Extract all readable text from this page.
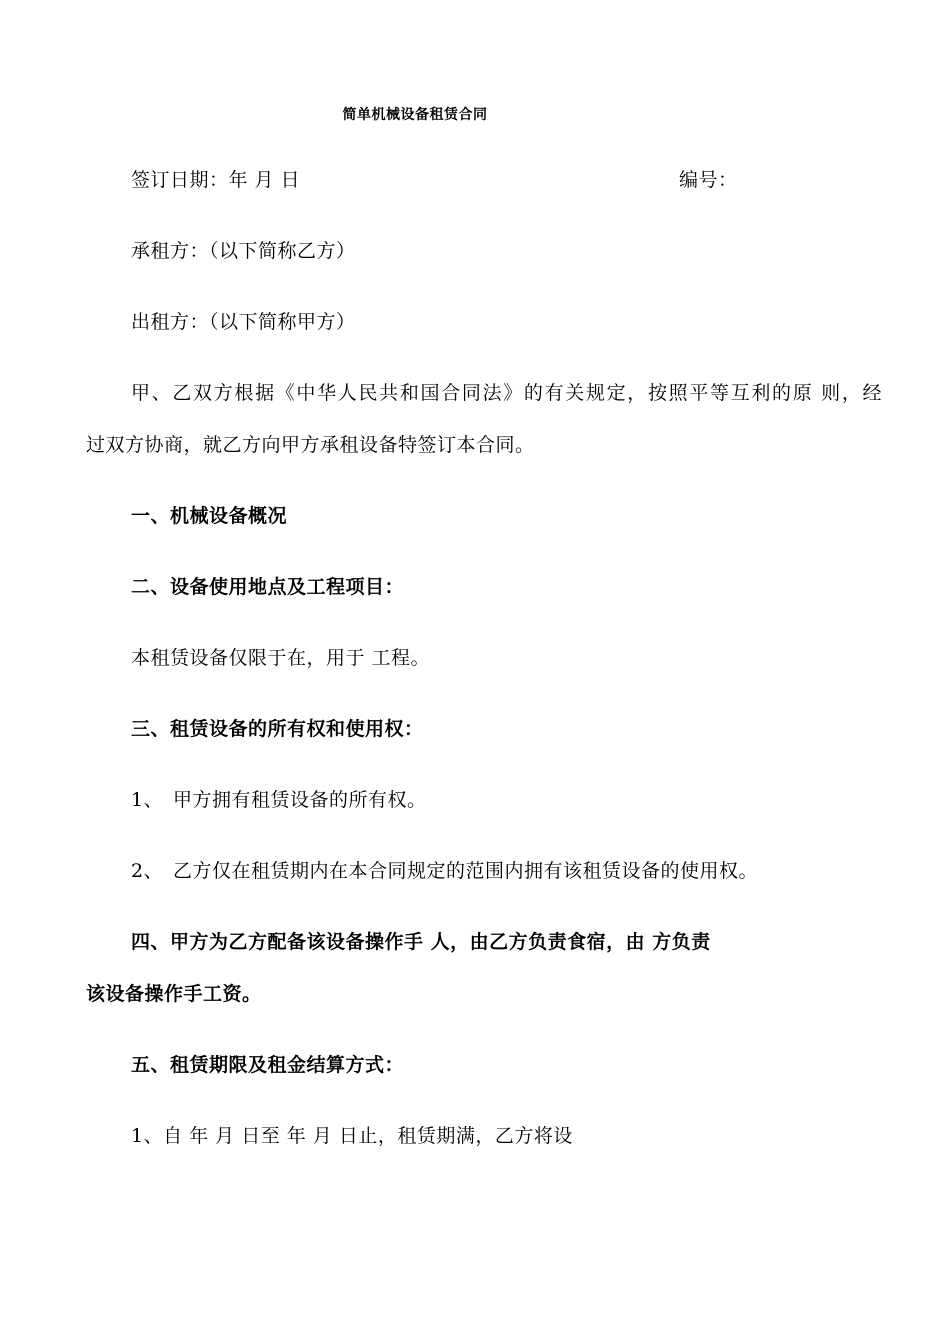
简单机械设备租赁合同
签订日期：年 月 日	编号：
承租方：（以下简称乙方）
出租方：（以下简称甲方）
甲、乙双方根据《中华人民共和国合同法》的有关规定，按照平等互利的原 则，经
过双方协商，就乙方向甲方承租设备特签订本合同。
一、机械设备概况
二、设备使用地点及工程项目：
本租赁设备仅限于在，用于 工程。
三、租赁设备的所有权和使用权：
1、 甲方拥有租赁设备的所有权。
2、 乙方仅在租赁期内在本合同规定的范围内拥有该租赁设备的使用权。
四、甲方为乙方配备该设备操作手 人，由乙方负责食宿，由 方负责
该设备操作手工资。
五、租赁期限及租金结算方式：
1、自 年 月 日至 年 月 日止，租赁期满，乙方将设
